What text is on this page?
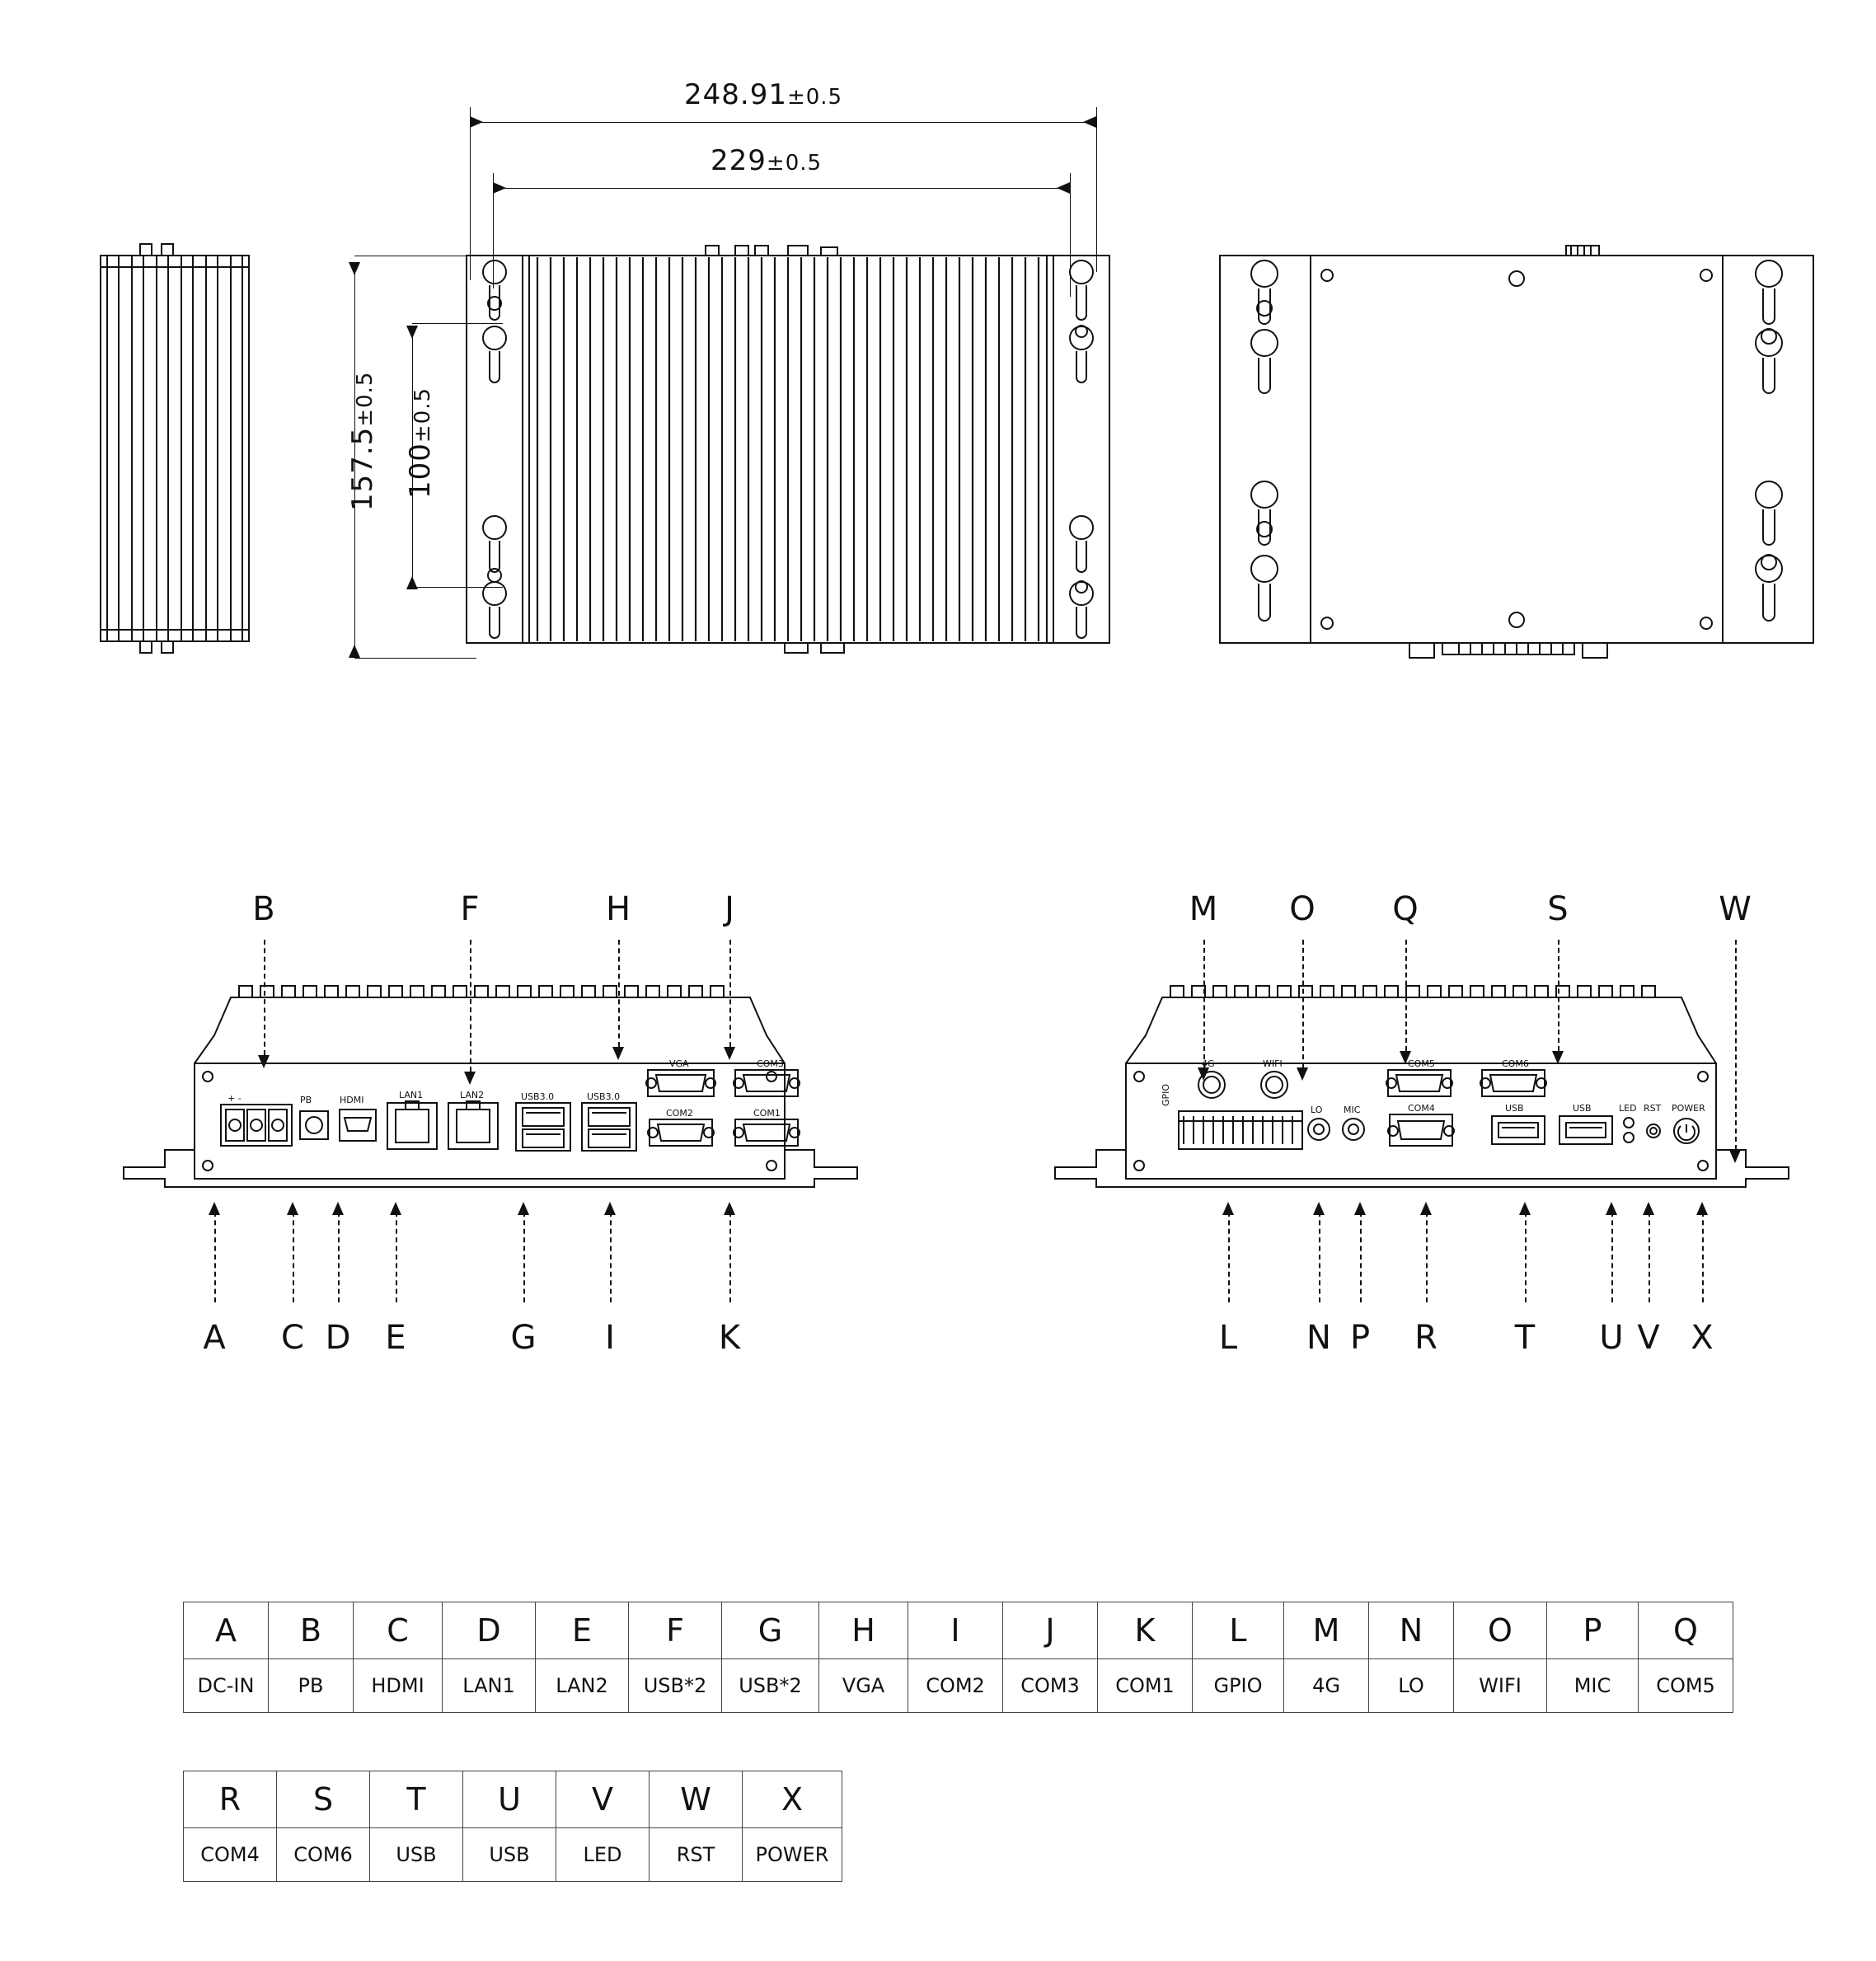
248.91±0.5
229±0.5
157.5±0.5
100±0.5
B	F	H	J
PB	HDMI	LAN1	LAN2	USB3.0	USB3.0
VGA
COM2
COM3
COM1
+ -
A C D	E	G	I	K
M O Q	S	W
4G	WIFI
GPIO
LO MIC
COM5
COM4
COM6
USB	USB	LED RST POWER
L	N P	R	T	U V X
A	B	C	D	E	F	G	H	I	J	K	L	M	N	O	P	Q
DC-IN	PB	HDMI	LAN1	LAN2	USB*2	USB*2	VGA	COM2	COM3	COM1	GPIO	4G	LO	WIFI	MIC	COM5
R	S	T	U	V	W	X
COM4	COM6	USB	USB	LED	RST	POWER
